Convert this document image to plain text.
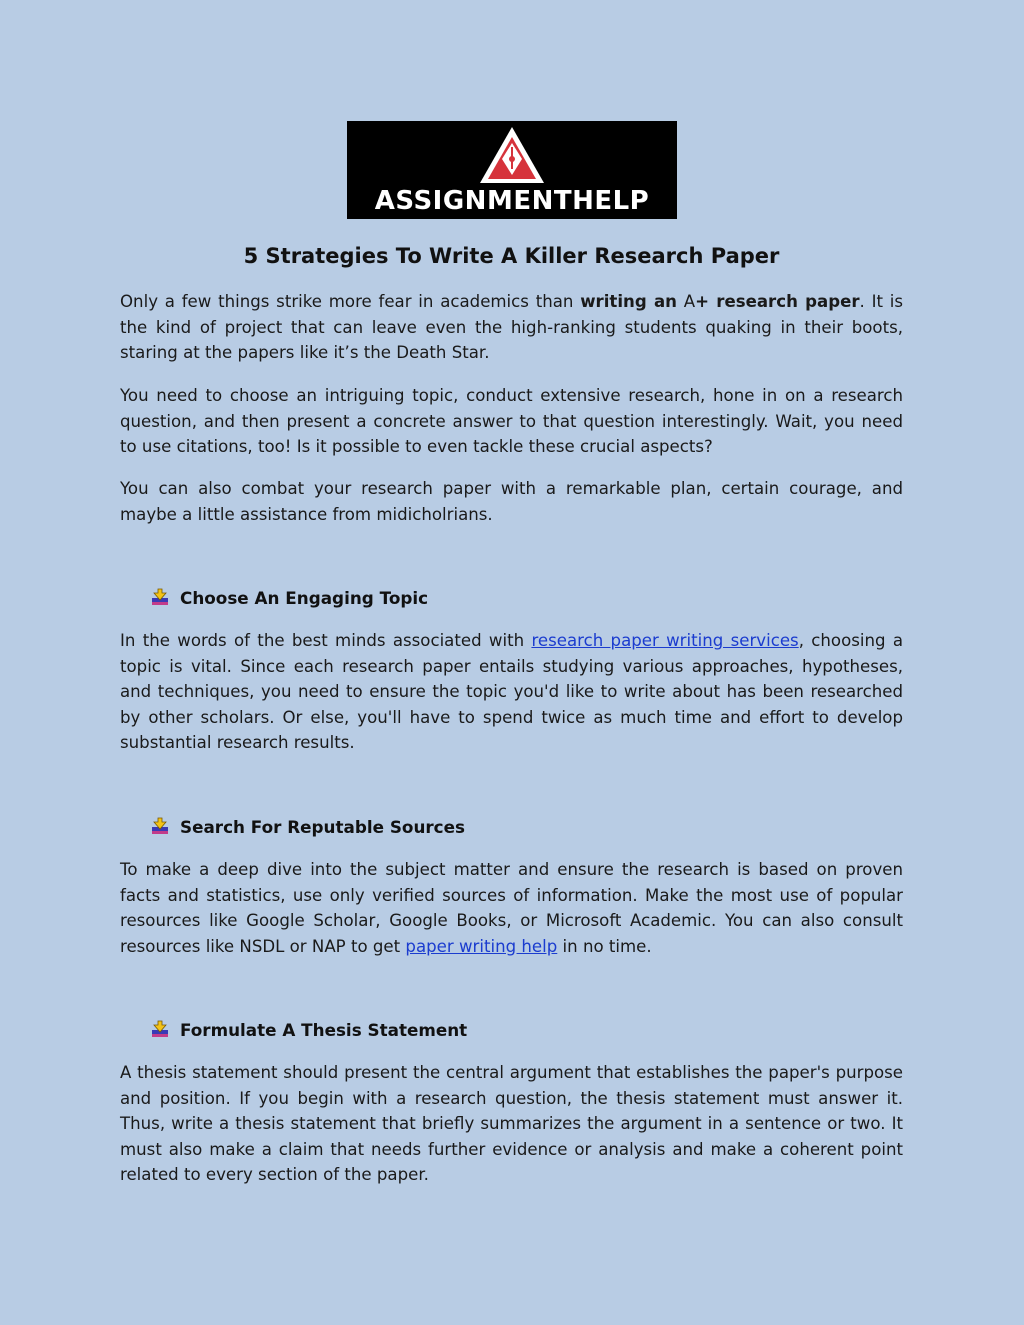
ASSIGNMENTHELP
5 Strategies To Write A Killer Research Paper

Only a few things strike more fear in academics than writing an A+ research paper. It is the kind of project that can leave even the high-ranking students quaking in their boots, staring at the papers like it’s the Death Star.

You need to choose an intriguing topic, conduct extensive research, hone in on a research question, and then present a concrete answer to that question interestingly. Wait, you need to use citations, too! Is it possible to even tackle these crucial aspects?

You can also combat your research paper with a remarkable plan, certain courage, and maybe a little assistance from midicholrians.

Choose An Engaging Topic

In the words of the best minds associated with research paper writing services, choosing a topic is vital. Since each research paper entails studying various approaches, hypotheses, and techniques, you need to ensure the topic you'd like to write about has been researched by other scholars. Or else, you'll have to spend twice as much time and effort to develop substantial research results.

Search For Reputable Sources

To make a deep dive into the subject matter and ensure the research is based on proven facts and statistics, use only verified sources of information. Make the most use of popular resources like Google Scholar, Google Books, or Microsoft Academic. You can also consult resources like NSDL or NAP to get paper writing help in no time.

Formulate A Thesis Statement

A thesis statement should present the central argument that establishes the paper's purpose and position. If you begin with a research question, the thesis statement must answer it. Thus, write a thesis statement that briefly summarizes the argument in a sentence or two. It must also make a claim that needs further evidence or analysis and make a coherent point related to every section of the paper.
